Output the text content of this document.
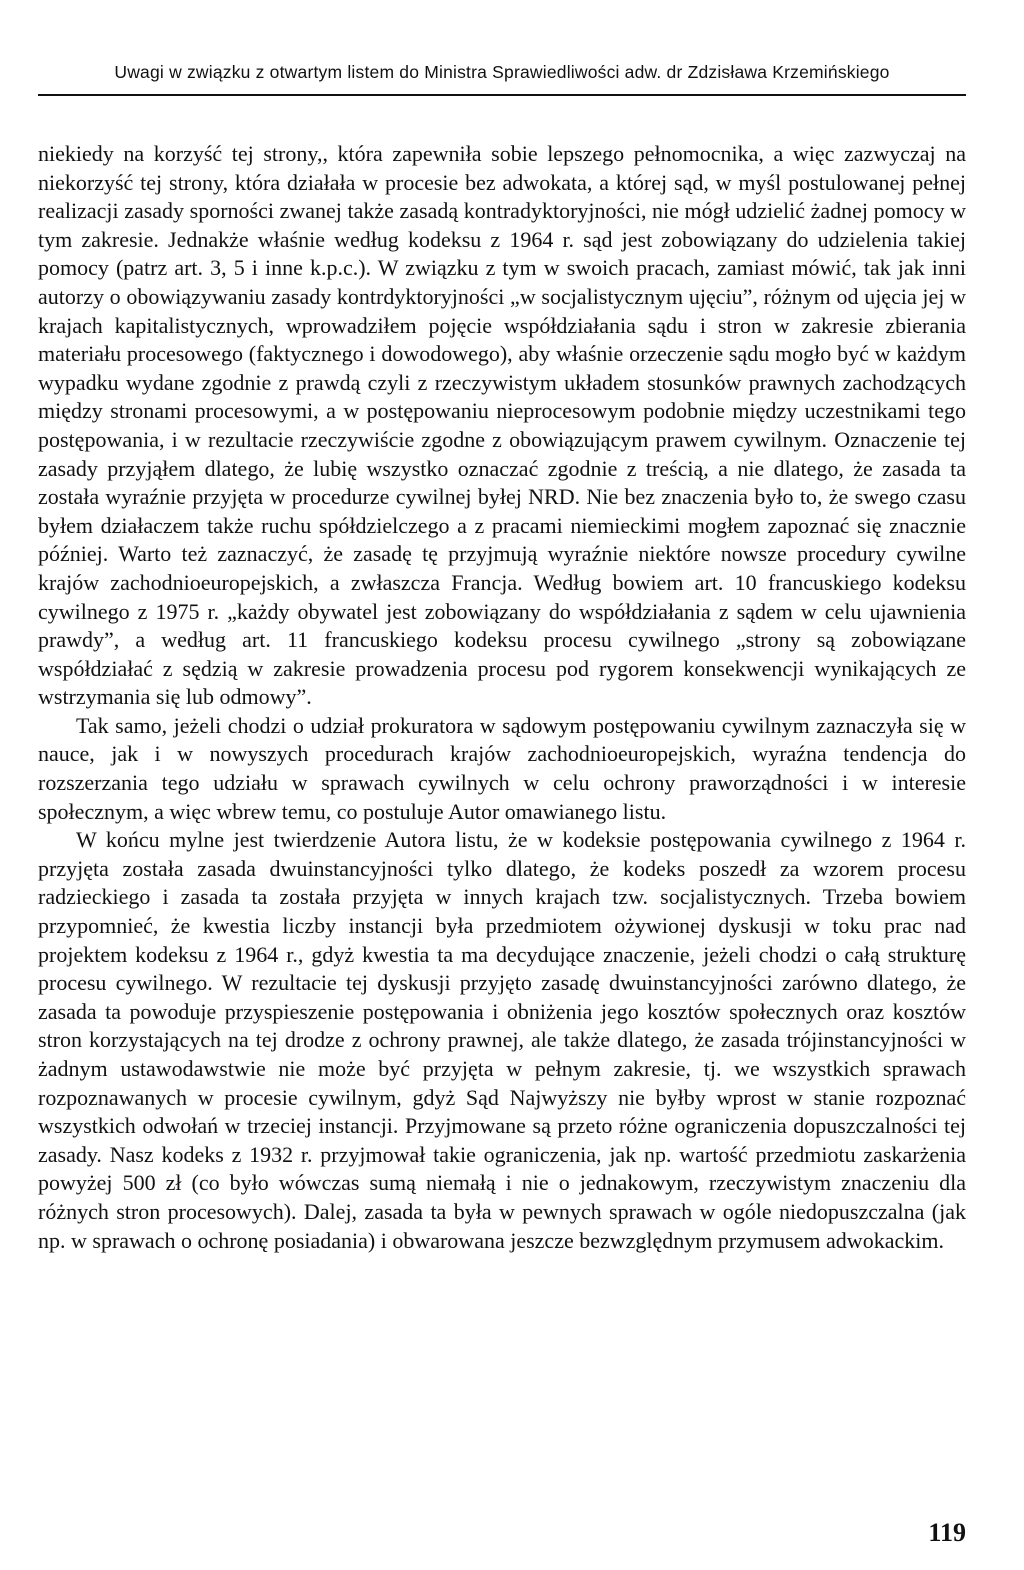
Uwagi w związku z otwartym listem do Ministra Sprawiedliwości adw. dr Zdzisława Krzemińskiego

niekiedy na korzyść tej strony,, która zapewniła sobie lepszego pełnomocnika, a więc zazwyczaj na niekorzyść tej strony, która działała w procesie bez adwokata, a której sąd, w myśl postulowanej pełnej realizacji zasady sporności zwanej także zasadą kontradyktoryjności, nie mógł udzielić żadnej pomocy w tym zakresie. Jednakże właśnie według kodeksu z 1964 r. sąd jest zobowiązany do udzielenia takiej pomocy (patrz art. 3, 5 i inne k.p.c.). W związku z tym w swoich pracach, zamiast mówić, tak jak inni autorzy o obowiązywaniu zasady kontrdyktoryjności „w socjalistycznym ujęciu”, różnym od ujęcia jej w krajach kapitalistycznych, wprowadziłem pojęcie współdziałania sądu i stron w zakresie zbierania materiału procesowego (faktycznego i dowodowego), aby właśnie orzeczenie sądu mogło być w każdym wypadku wydane zgodnie z prawdą czyli z rzeczywistym układem stosunków prawnych zachodzących między stronami procesowymi, a w postępowaniu nieprocesowym podobnie między uczestnikami tego postępowania, i w rezultacie rzeczywiście zgodne z obowiązującym prawem cywilnym. Oznaczenie tej zasady przyjąłem dlatego, że lubię wszystko oznaczać zgodnie z treścią, a nie dlatego, że zasada ta została wyraźnie przyjęta w procedurze cywilnej byłej NRD. Nie bez znaczenia było to, że swego czasu byłem działaczem także ruchu spółdzielczego a z pracami niemieckimi mogłem zapoznać się znacznie później. Warto też zaznaczyć, że zasadę tę przyjmują wyraźnie niektóre nowsze procedury cywilne krajów zachodnioeuropejskich, a zwłaszcza Francja. Według bowiem art. 10 francuskiego kodeksu cywilnego z 1975 r. „każdy obywatel jest zobowiązany do współdziałania z sądem w celu ujawnienia prawdy”, a według art. 11 francuskiego kodeksu procesu cywilnego „strony są zobowiązane współdziałać z sędzią w zakresie prowadzenia procesu pod rygorem konsekwencji wynikających ze wstrzymania się lub odmowy”.

Tak samo, jeżeli chodzi o udział prokuratora w sądowym postępowaniu cywilnym zaznaczyła się w nauce, jak i w nowyszych procedurach krajów zachodnioeuropejskich, wyraźna tendencja do rozszerzania tego udziału w sprawach cywilnych w celu ochrony praworządności i w interesie społecznym, a więc wbrew temu, co postuluje Autor omawianego listu.

W końcu mylne jest twierdzenie Autora listu, że w kodeksie postępowania cywilnego z 1964 r. przyjęta została zasada dwuinstancyjności tylko dlatego, że kodeks poszedł za wzorem procesu radzieckiego i zasada ta została przyjęta w innych krajach tzw. socjalistycznych. Trzeba bowiem przypomnieć, że kwestia liczby instancji była przedmiotem ożywionej dyskusji w toku prac nad projektem kodeksu z 1964 r., gdyż kwestia ta ma decydujące znaczenie, jeżeli chodzi o całą strukturę procesu cywilnego. W rezultacie tej dyskusji przyjęto zasadę dwuinstancyjności zarówno dlatego, że zasada ta powoduje przyspieszenie postępowania i obniżenia jego kosztów społecznych oraz kosztów stron korzystających na tej drodze z ochrony prawnej, ale także dlatego, że zasada trójinstancyjności w żadnym ustawodawstwie nie może być przyjęta w pełnym zakresie, tj. we wszystkich sprawach rozpoznawanych w procesie cywilnym, gdyż Sąd Najwyższy nie byłby wprost w stanie rozpoznać wszystkich odwołań w trzeciej instancji. Przyjmowane są przeto różne ograniczenia dopuszczalności tej zasady. Nasz kodeks z 1932 r. przyjmował takie ograniczenia, jak np. wartość przedmiotu zaskarżenia powyżej 500 zł (co było wówczas sumą niemałą i nie o jednakowym, rzeczywistym znaczeniu dla różnych stron procesowych). Dalej, zasada ta była w pewnych sprawach w ogóle niedopuszczalna (jak np. w sprawach o ochronę posiadania) i obwarowana jeszcze bezwzględnym przymusem adwokackim.

119
